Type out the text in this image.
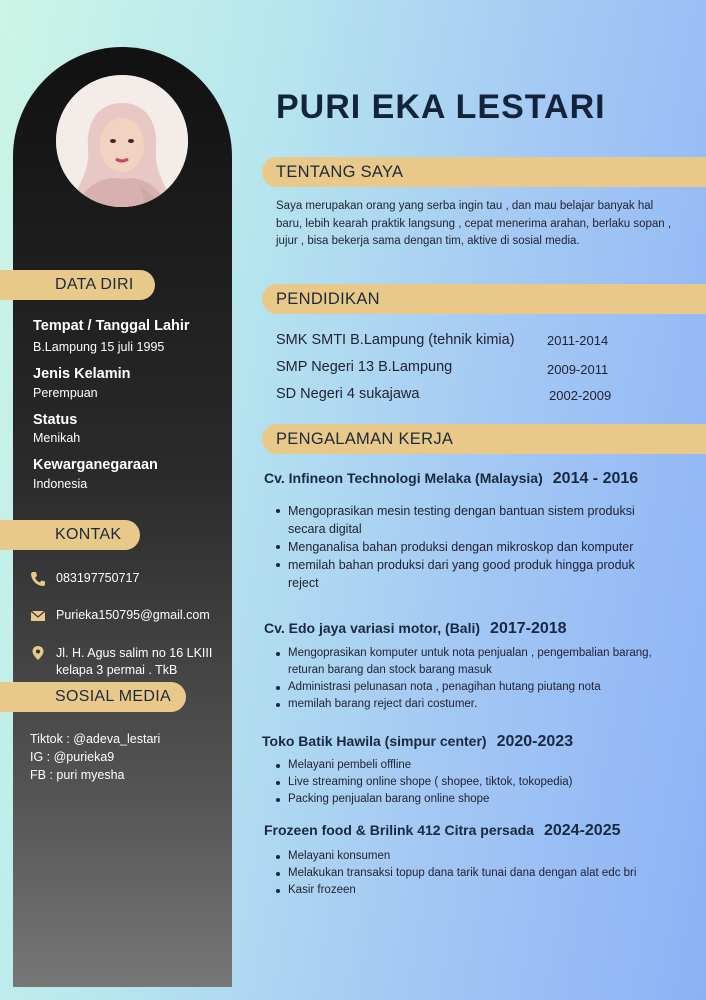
DATA DIRI
Tempat / Tanggal Lahir
B.Lampung 15 juli 1995
Jenis Kelamin
Perempuan
Status
Menikah
Kewarganegaraan
Indonesia
KONTAK
083197750717
Purieka150795@gmail.com
Jl. H. Agus salim no 16 LKIII
kelapa 3 permai . TkB
SOSIAL MEDIA
Tiktok : @adeva_lestari
IG : @purieka9
FB : puri myesha
PURI EKA LESTARI
TENTANG SAYA
Saya merupakan orang yang serba ingin tau , dan mau belajar banyak hal baru, lebih kearah praktik langsung , cepat menerima arahan, berlaku sopan , jujur , bisa bekerja sama dengan tim, aktive di sosial media.
PENDIDIKAN
SMK SMTI B.Lampung (tehnik kimia) 2011-2014
SMP Negeri 13 B.Lampung	2009-2011
SD Negeri 4 sukajawa	2002-2009
PENGALAMAN KERJA
Cv. Infineon Technologi Melaka (Malaysia) 2014 - 2016
Mengoprasikan mesin testing dengan bantuan sistem produksi secara digital
Menganalisa bahan produksi dengan mikroskop dan komputer
memilah bahan produksi dari yang good produk hingga produk reject
Cv. Edo jaya variasi motor, (Bali) 2017-2018
Mengoprasikan komputer untuk nota penjualan , pengembalian barang, returan barang dan stock barang masuk
Administrasi pelunasan nota , penagihan hutang piutang nota
memilah barang reject dari costumer.
Toko Batik Hawila (simpur center) 2020-2023
Melayani pembeli offline
Live streaming online shope ( shopee, tiktok, tokopedia)
Packing penjualan barang online shope
Frozeen food & Brilink 412 Citra persada 2024-2025
Melayani konsumen
Melakukan transaksi topup dana tarik tunai dana dengan alat edc bri
Kasir frozeen
